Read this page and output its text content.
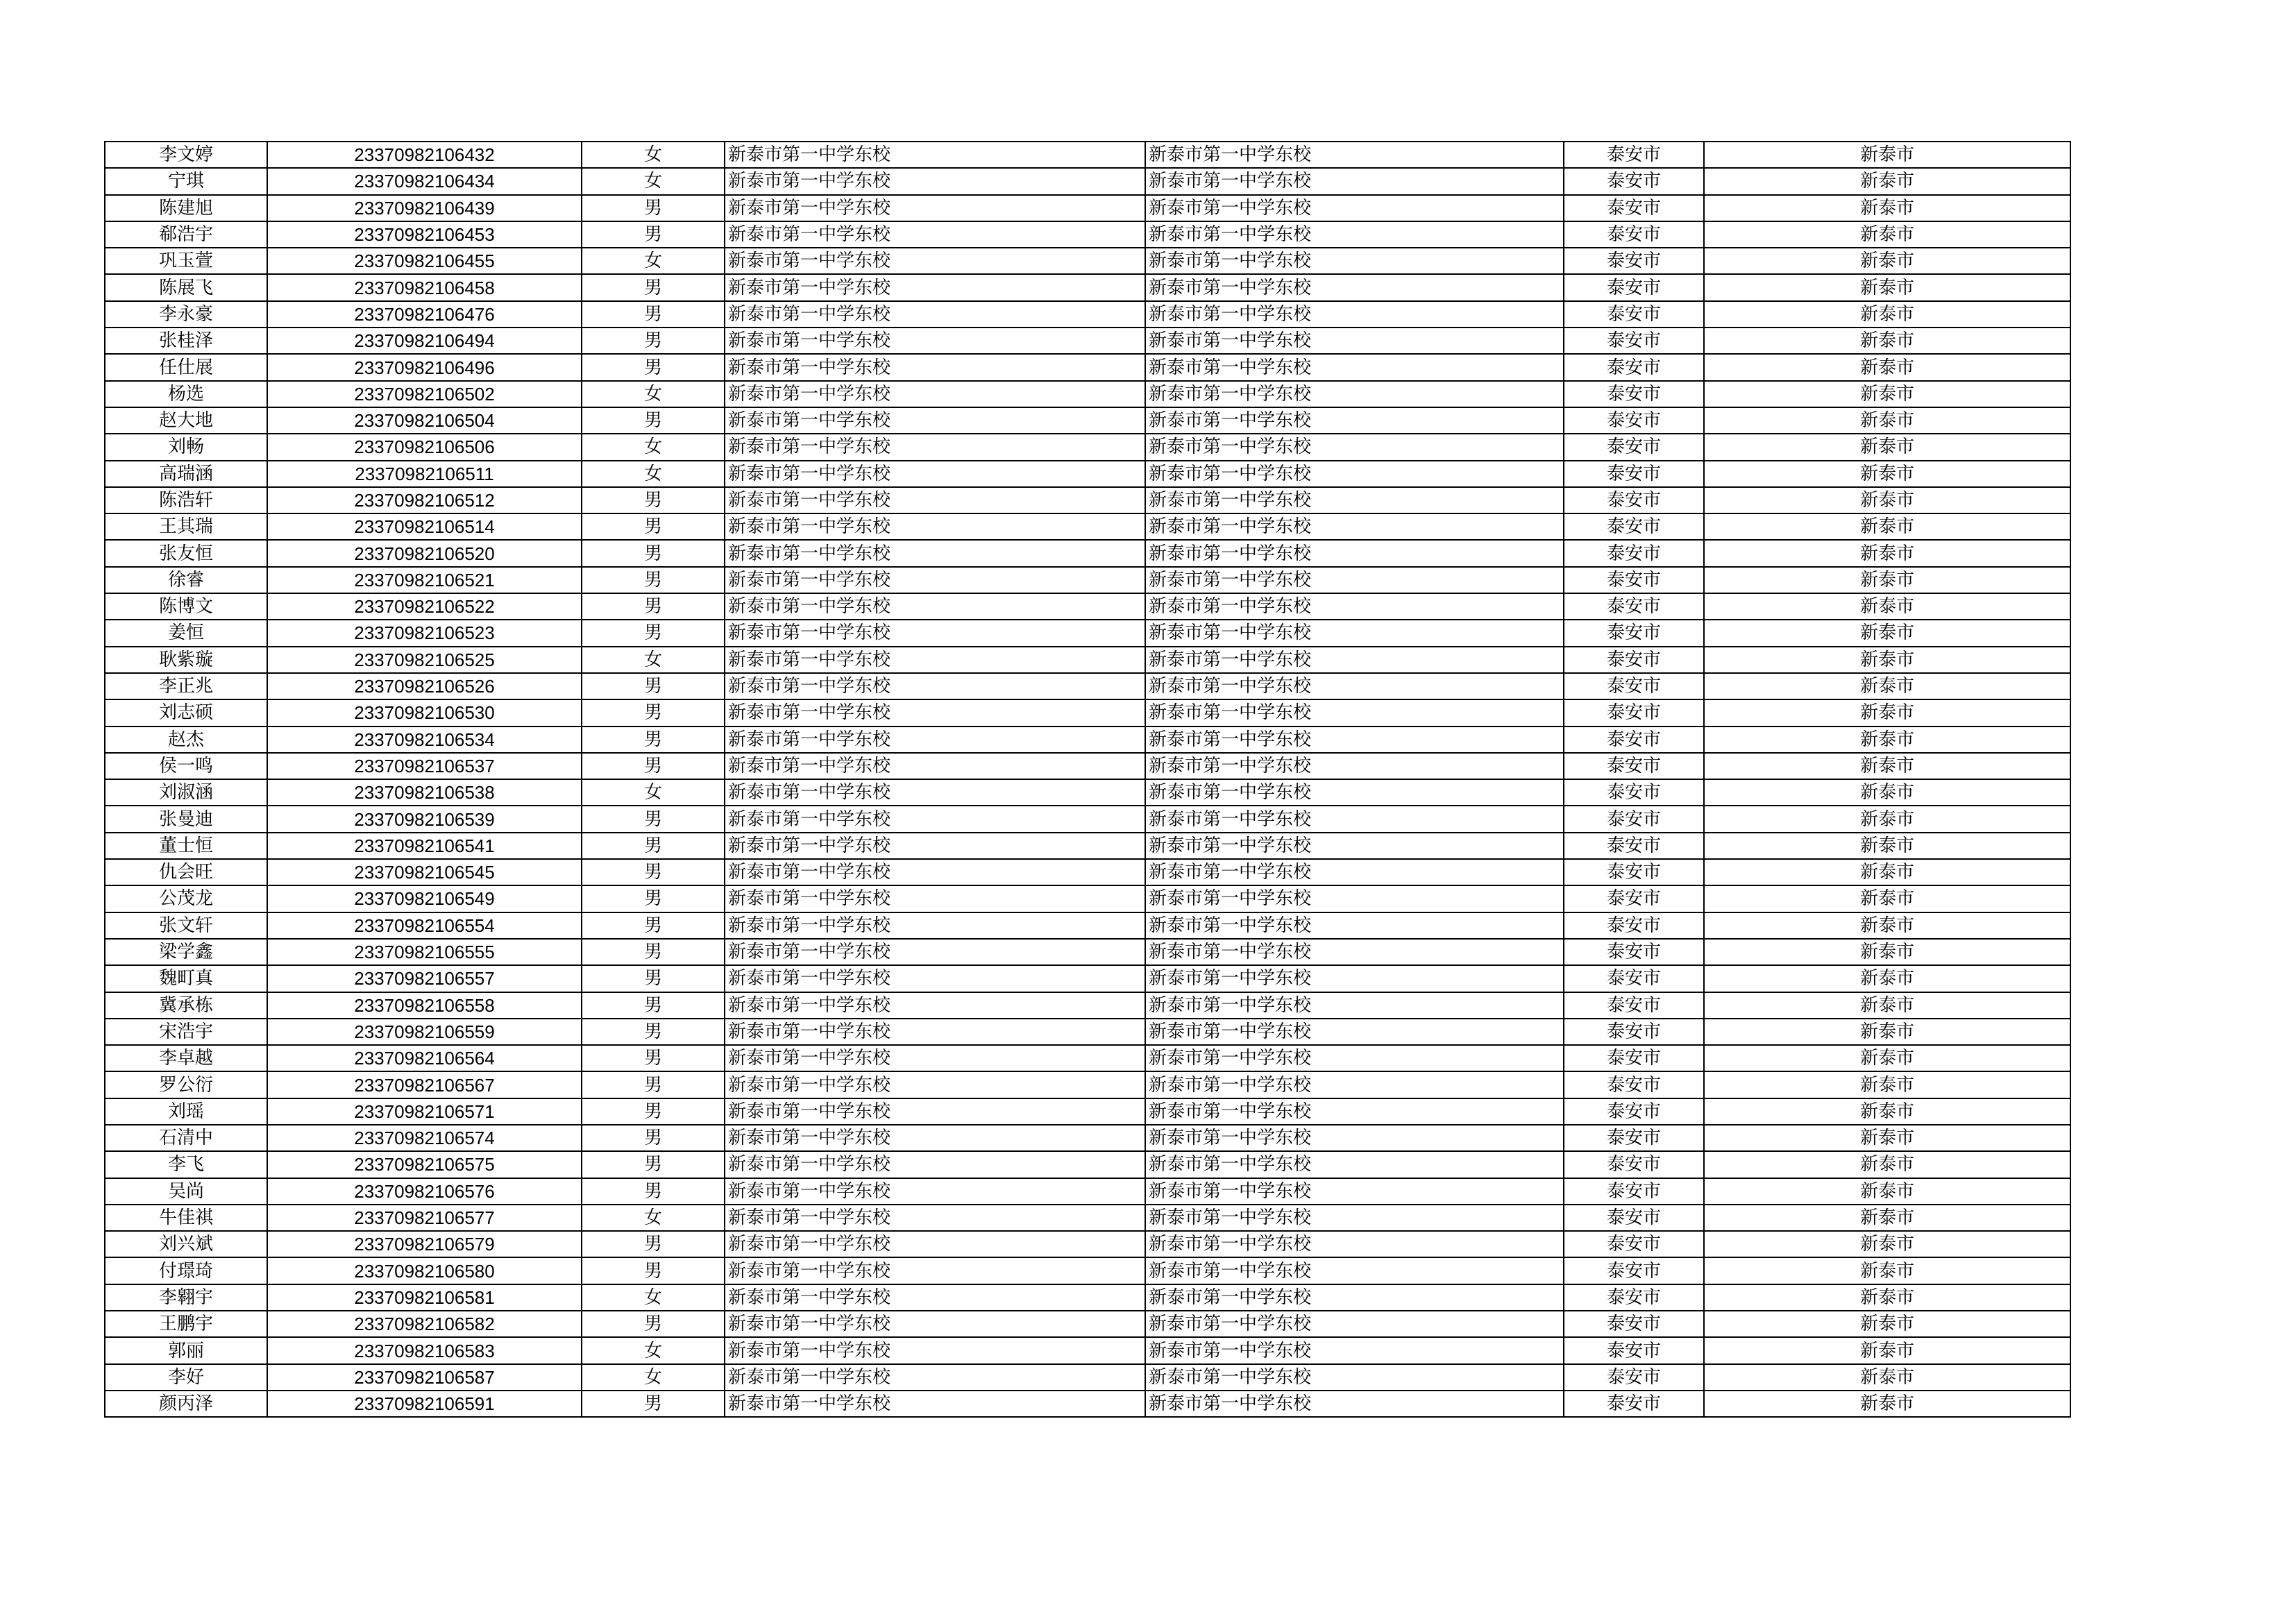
李文婷	23370982106432	女	新泰市第一中学东校	新泰市第一中学东校	泰安市	新泰市
宁琪	23370982106434	女	新泰市第一中学东校	新泰市第一中学东校	泰安市	新泰市
陈建旭	23370982106439	男	新泰市第一中学东校	新泰市第一中学东校	泰安市	新泰市
郗浩宇	23370982106453	男	新泰市第一中学东校	新泰市第一中学东校	泰安市	新泰市
巩玉萱	23370982106455	女	新泰市第一中学东校	新泰市第一中学东校	泰安市	新泰市
陈展飞	23370982106458	男	新泰市第一中学东校	新泰市第一中学东校	泰安市	新泰市
李永豪	23370982106476	男	新泰市第一中学东校	新泰市第一中学东校	泰安市	新泰市
张桂泽	23370982106494	男	新泰市第一中学东校	新泰市第一中学东校	泰安市	新泰市
任仕展	23370982106496	男	新泰市第一中学东校	新泰市第一中学东校	泰安市	新泰市
杨选	23370982106502	女	新泰市第一中学东校	新泰市第一中学东校	泰安市	新泰市
赵大地	23370982106504	男	新泰市第一中学东校	新泰市第一中学东校	泰安市	新泰市
刘畅	23370982106506	女	新泰市第一中学东校	新泰市第一中学东校	泰安市	新泰市
高瑞涵	23370982106511	女	新泰市第一中学东校	新泰市第一中学东校	泰安市	新泰市
陈浩轩	23370982106512	男	新泰市第一中学东校	新泰市第一中学东校	泰安市	新泰市
王其瑞	23370982106514	男	新泰市第一中学东校	新泰市第一中学东校	泰安市	新泰市
张友恒	23370982106520	男	新泰市第一中学东校	新泰市第一中学东校	泰安市	新泰市
徐睿	23370982106521	男	新泰市第一中学东校	新泰市第一中学东校	泰安市	新泰市
陈博文	23370982106522	男	新泰市第一中学东校	新泰市第一中学东校	泰安市	新泰市
姜恒	23370982106523	男	新泰市第一中学东校	新泰市第一中学东校	泰安市	新泰市
耿紫璇	23370982106525	女	新泰市第一中学东校	新泰市第一中学东校	泰安市	新泰市
李正兆	23370982106526	男	新泰市第一中学东校	新泰市第一中学东校	泰安市	新泰市
刘志硕	23370982106530	男	新泰市第一中学东校	新泰市第一中学东校	泰安市	新泰市
赵杰	23370982106534	男	新泰市第一中学东校	新泰市第一中学东校	泰安市	新泰市
侯一鸣	23370982106537	男	新泰市第一中学东校	新泰市第一中学东校	泰安市	新泰市
刘淑涵	23370982106538	女	新泰市第一中学东校	新泰市第一中学东校	泰安市	新泰市
张曼迪	23370982106539	男	新泰市第一中学东校	新泰市第一中学东校	泰安市	新泰市
董士恒	23370982106541	男	新泰市第一中学东校	新泰市第一中学东校	泰安市	新泰市
仇会旺	23370982106545	男	新泰市第一中学东校	新泰市第一中学东校	泰安市	新泰市
公茂龙	23370982106549	男	新泰市第一中学东校	新泰市第一中学东校	泰安市	新泰市
张文轩	23370982106554	男	新泰市第一中学东校	新泰市第一中学东校	泰安市	新泰市
梁学鑫	23370982106555	男	新泰市第一中学东校	新泰市第一中学东校	泰安市	新泰市
魏町真	23370982106557	男	新泰市第一中学东校	新泰市第一中学东校	泰安市	新泰市
冀承栋	23370982106558	男	新泰市第一中学东校	新泰市第一中学东校	泰安市	新泰市
宋浩宇	23370982106559	男	新泰市第一中学东校	新泰市第一中学东校	泰安市	新泰市
李卓越	23370982106564	男	新泰市第一中学东校	新泰市第一中学东校	泰安市	新泰市
罗公衍	23370982106567	男	新泰市第一中学东校	新泰市第一中学东校	泰安市	新泰市
刘瑶	23370982106571	男	新泰市第一中学东校	新泰市第一中学东校	泰安市	新泰市
石清中	23370982106574	男	新泰市第一中学东校	新泰市第一中学东校	泰安市	新泰市
李飞	23370982106575	男	新泰市第一中学东校	新泰市第一中学东校	泰安市	新泰市
吴尚	23370982106576	男	新泰市第一中学东校	新泰市第一中学东校	泰安市	新泰市
牛佳祺	23370982106577	女	新泰市第一中学东校	新泰市第一中学东校	泰安市	新泰市
刘兴斌	23370982106579	男	新泰市第一中学东校	新泰市第一中学东校	泰安市	新泰市
付璟琦	23370982106580	男	新泰市第一中学东校	新泰市第一中学东校	泰安市	新泰市
李翱宇	23370982106581	女	新泰市第一中学东校	新泰市第一中学东校	泰安市	新泰市
王鹏宇	23370982106582	男	新泰市第一中学东校	新泰市第一中学东校	泰安市	新泰市
郭丽	23370982106583	女	新泰市第一中学东校	新泰市第一中学东校	泰安市	新泰市
李好	23370982106587	女	新泰市第一中学东校	新泰市第一中学东校	泰安市	新泰市
颜丙泽	23370982106591	男	新泰市第一中学东校	新泰市第一中学东校	泰安市	新泰市
